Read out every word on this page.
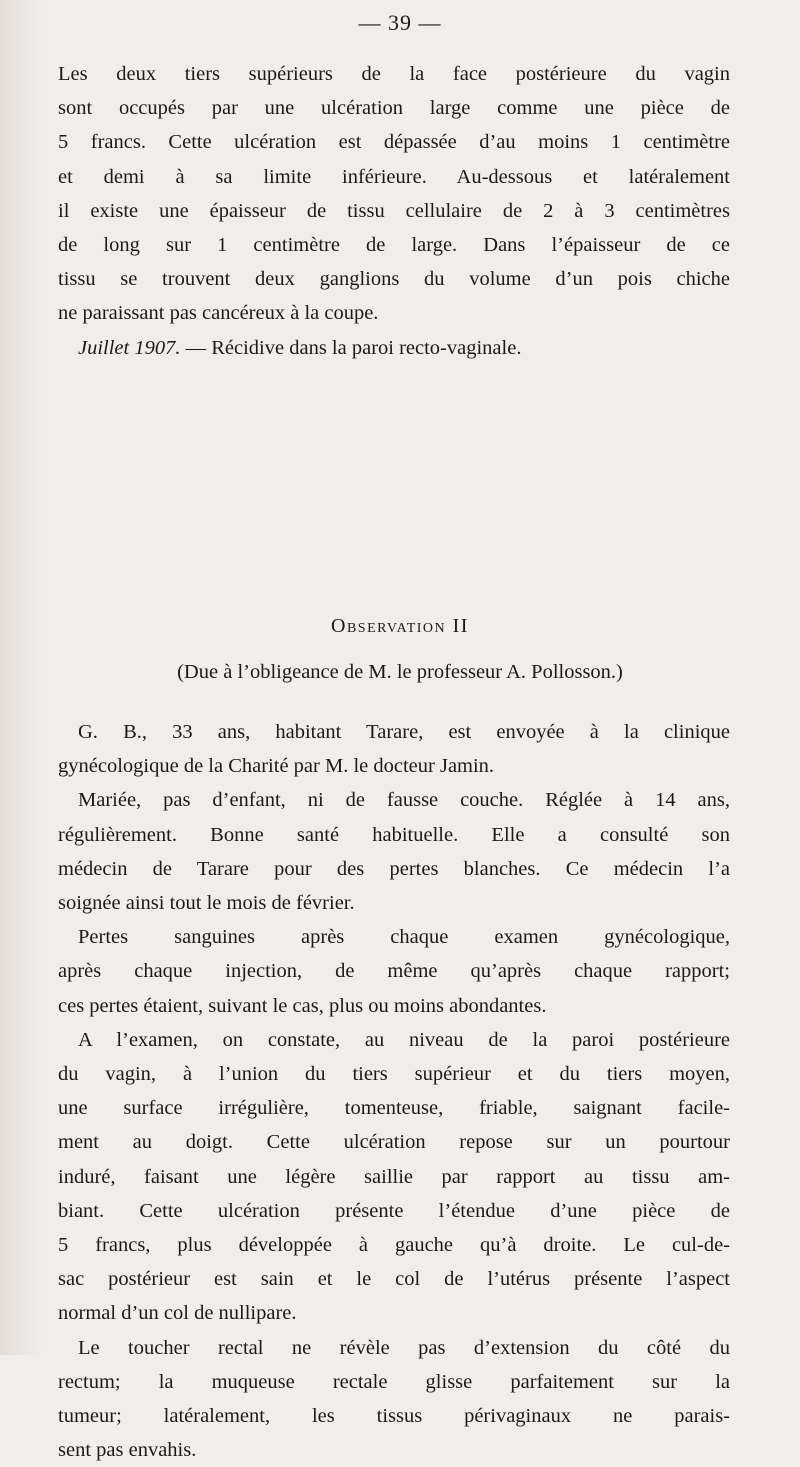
— 39 —
Les deux tiers supérieurs de la face postérieure du vagin
sont occupés par une ulcération large comme une pièce de
5 francs. Cette ulcération est dépassée d’au moins 1 centimètre
et demi à sa limite inférieure. Au-dessous et latéralement
il existe une épaisseur de tissu cellulaire de 2 à 3 centimètres
de long sur 1 centimètre de large. Dans l’épaisseur de ce
tissu se trouvent deux ganglions du volume d’un pois chiche
ne paraissant pas cancéreux à la coupe.
Juillet 1907. — Récidive dans la paroi recto-vaginale.
Observation II
(Due à l’obligeance de M. le professeur A. Pollosson.)
G. B., 33 ans, habitant Tarare, est envoyée à la clinique
gynécologique de la Charité par M. le docteur Jamin.
Mariée, pas d’enfant, ni de fausse couche. Réglée à 14 ans,
régulièrement. Bonne santé habituelle. Elle a consulté son
médecin de Tarare pour des pertes blanches. Ce médecin l’a
soignée ainsi tout le mois de février.
Pertes sanguines après chaque examen gynécologique,
après chaque injection, de même qu’après chaque rapport;
ces pertes étaient, suivant le cas, plus ou moins abondantes.
A l’examen, on constate, au niveau de la paroi postérieure
du vagin, à l’union du tiers supérieur et du tiers moyen,
une surface irrégulière, tomenteuse, friable, saignant facile-
ment au doigt. Cette ulcération repose sur un pourtour
induré, faisant une légère saillie par rapport au tissu am-
biant. Cette ulcération présente l’étendue d’une pièce de
5 francs, plus développée à gauche qu’à droite. Le cul-de-
sac postérieur est sain et le col de l’utérus présente l’aspect
normal d’un col de nullipare.
Le toucher rectal ne révèle pas d’extension du côté du
rectum; la muqueuse rectale glisse parfaitement sur la
tumeur; latéralement, les tissus périvaginaux ne parais-
sent pas envahis.
